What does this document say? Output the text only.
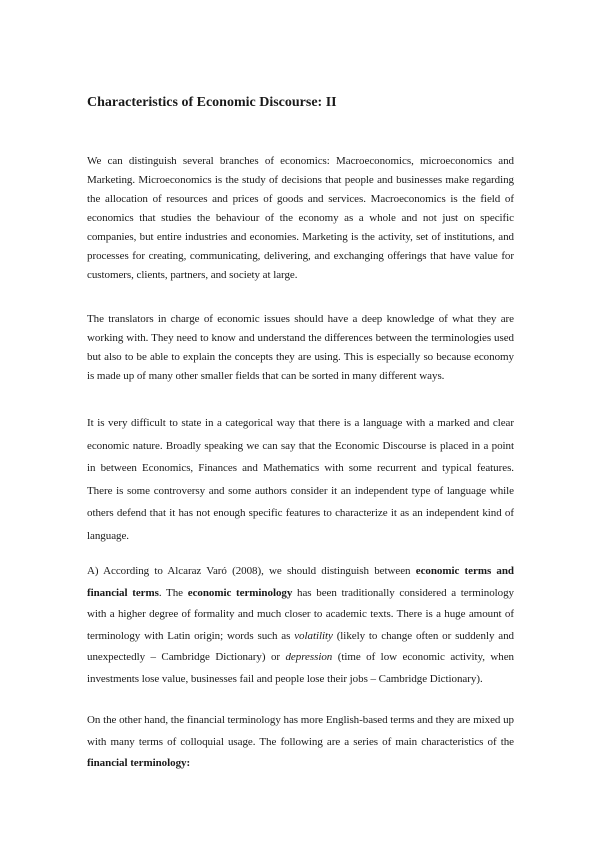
Characteristics of Economic Discourse: II

We can distinguish several branches of economics: Macroeconomics, microeconomics and Marketing. Microeconomics is the study of decisions that people and businesses make regarding the allocation of resources and prices of goods and services. Macroeconomics is the field of economics that studies the behaviour of the economy as a whole and not just on specific companies, but entire industries and economies. Marketing is the activity, set of institutions, and processes for creating, communicating, delivering, and exchanging offerings that have value for customers, clients, partners, and society at large.

The translators in charge of economic issues should have a deep knowledge of what they are working with. They need to know and understand the differences between the terminologies used but also to be able to explain the concepts they are using. This is especially so because economy is made up of many other smaller fields that can be sorted in many different ways.

It is very difficult to state in a categorical way that there is a language with a marked and clear economic nature. Broadly speaking we can say that the Economic Discourse is placed in a point in between Economics, Finances and Mathematics with some recurrent and typical features. There is some controversy and some authors consider it an independent type of language while others defend that it has not enough specific features to characterize it as an independent kind of language.

A) According to Alcaraz Varó (2008), we should distinguish between economic terms and financial terms. The economic terminology has been traditionally considered a terminology with a higher degree of formality and much closer to academic texts. There is a huge amount of terminology with Latin origin; words such as volatility (likely to change often or suddenly and unexpectedly – Cambridge Dictionary) or depression (time of low economic activity, when investments lose value, businesses fail and people lose their jobs – Cambridge Dictionary).

On the other hand, the financial terminology has more English-based terms and they are mixed up with many terms of colloquial usage. The following are a series of main characteristics of the financial terminology:
